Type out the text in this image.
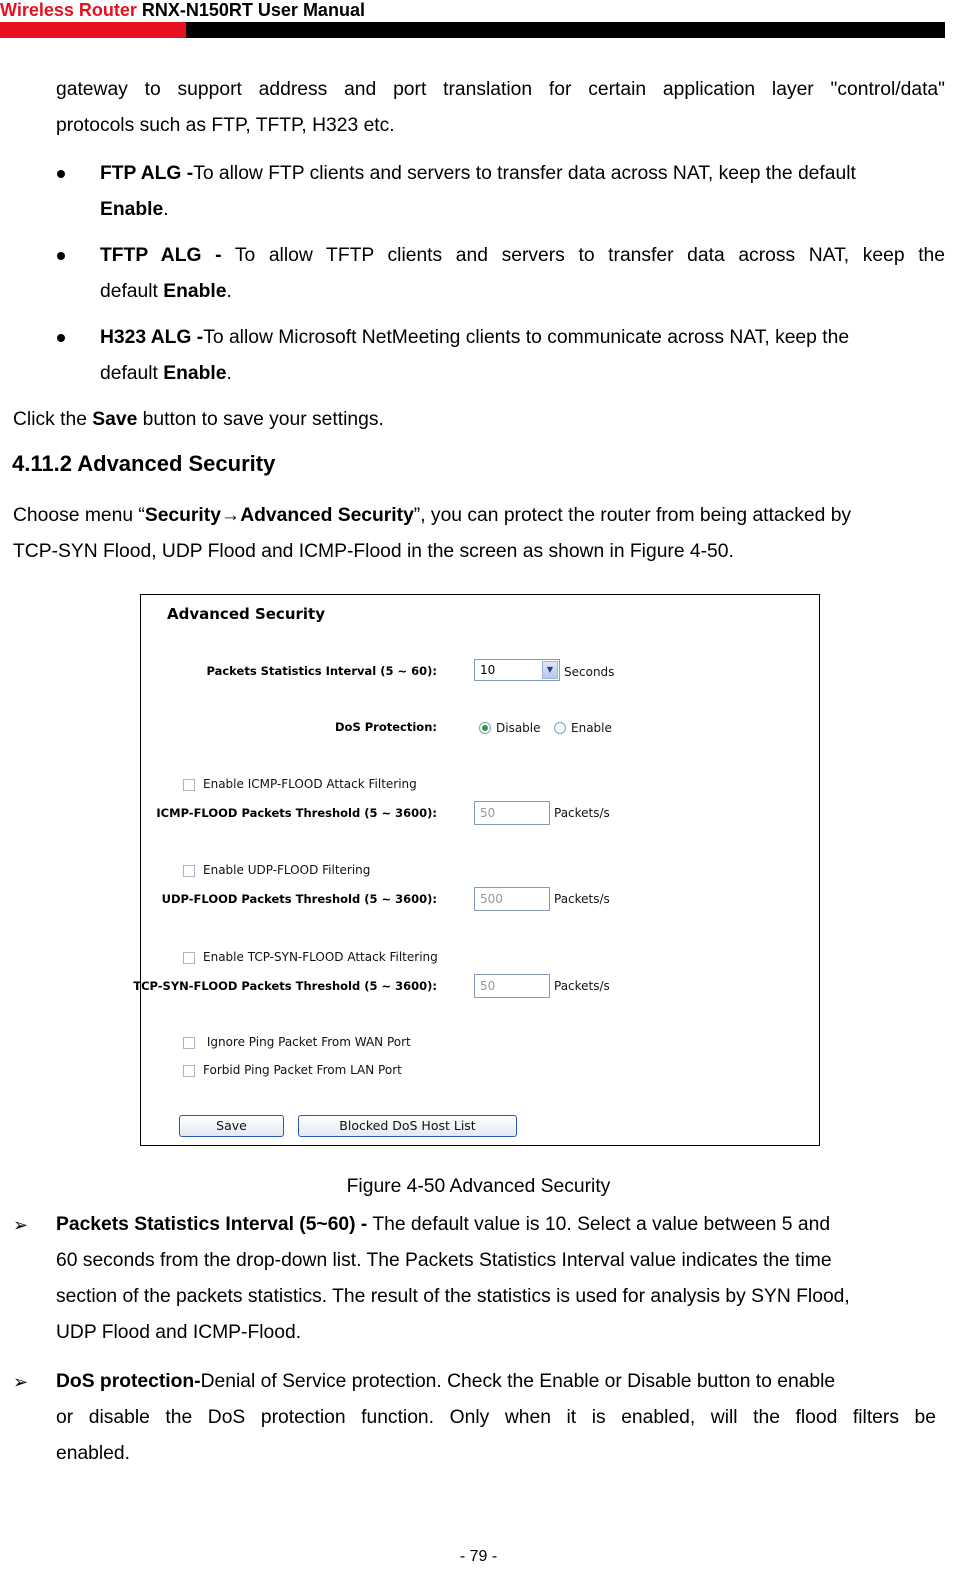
Wireless Router RNX-N150RT User Manual
gateway to support address and port translation for certain application layer "control/data"
protocols such as FTP, TFTP, H323 etc.
FTP ALG -To allow FTP clients and servers to transfer data across NAT, keep the default
Enable.
TFTP ALG - To allow TFTP clients and servers to transfer data across NAT, keep the
default Enable.
H323 ALG -To allow Microsoft NetMeeting clients to communicate across NAT, keep the
default Enable.
Click the Save button to save your settings.
4.11.2 Advanced Security
Choose menu “Security→Advanced Security”, you can protect the router from being attacked by
TCP-SYN Flood, UDP Flood and ICMP-Flood in the screen as shown in Figure 4-50.
Advanced Security
Packets Statistics Interval (5 ~ 60):	10	▼ Seconds
DoS Protection:	Disable	Enable
Enable ICMP-FLOOD Attack Filtering
ICMP-FLOOD Packets Threshold (5 ~ 3600):	50	Packets/s
Enable UDP-FLOOD Filtering
UDP-FLOOD Packets Threshold (5 ~ 3600):	500	Packets/s
Enable TCP-SYN-FLOOD Attack Filtering
TCP-SYN-FLOOD Packets Threshold (5 ~ 3600):	50	Packets/s
Ignore Ping Packet From WAN Port
Forbid Ping Packet From LAN Port
Save	Blocked DoS Host List
Figure 4-50 Advanced Security
➢ Packets Statistics Interval (5~60) - The default value is 10. Select a value between 5 and
60 seconds from the drop-down list. The Packets Statistics Interval value indicates the time
section of the packets statistics. The result of the statistics is used for analysis by SYN Flood,
UDP Flood and ICMP-Flood.
➢ DoS protection-Denial of Service protection. Check the Enable or Disable button to enable
or disable the DoS protection function. Only when it is enabled, will the flood filters be
enabled.
- 79 -
